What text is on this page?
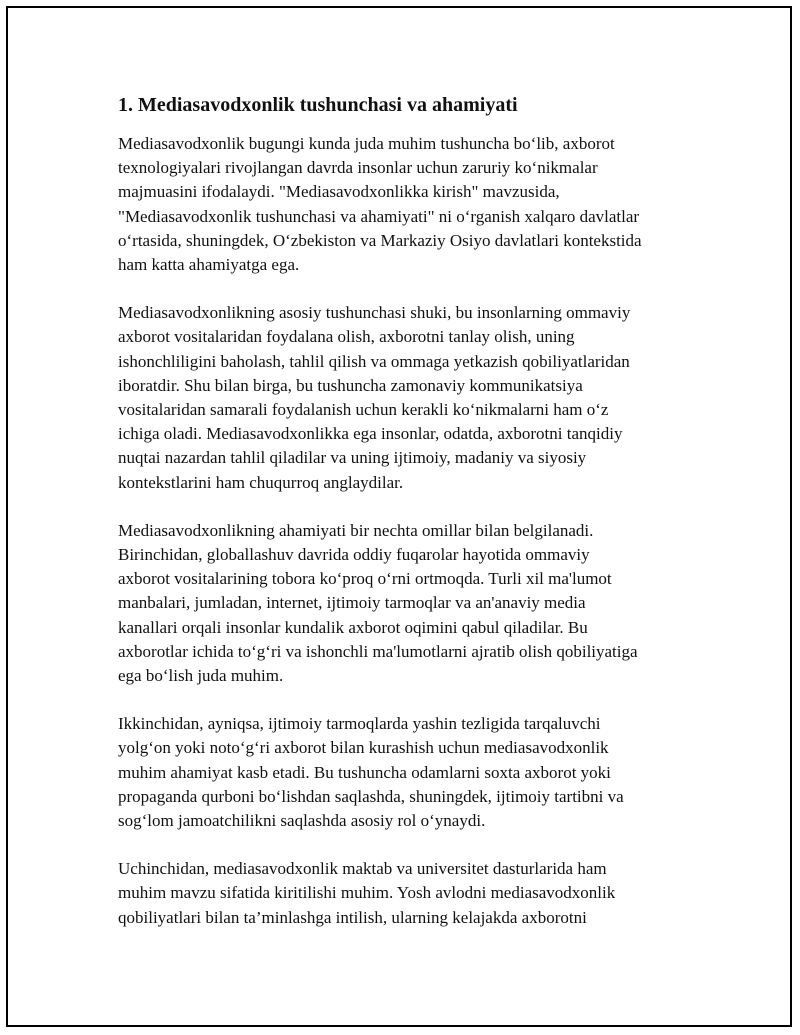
1. Mediasavodxonlik tushunchasi va ahamiyati

Mediasavodxonlik bugungi kunda juda muhim tushuncha bo‘lib, axborot
texnologiyalari rivojlangan davrda insonlar uchun zaruriy ko‘nikmalar
majmuasini ifodalaydi. "Mediasavodxonlikka kirish" mavzusida,
"Mediasavodxonlik tushunchasi va ahamiyati" ni o‘rganish xalqaro davlatlar
o‘rtasida, shuningdek, O‘zbekiston va Markaziy Osiyo davlatlari kontekstida
ham katta ahamiyatga ega.

Mediasavodxonlikning asosiy tushunchasi shuki, bu insonlarning ommaviy
axborot vositalaridan foydalana olish, axborotni tanlay olish, uning
ishonchliligini baholash, tahlil qilish va ommaga yetkazish qobiliyatlaridan
iboratdir. Shu bilan birga, bu tushuncha zamonaviy kommunikatsiya
vositalaridan samarali foydalanish uchun kerakli ko‘nikmalarni ham o‘z
ichiga oladi. Mediasavodxonlikka ega insonlar, odatda, axborotni tanqidiy
nuqtai nazardan tahlil qiladilar va uning ijtimoiy, madaniy va siyosiy
kontekstlarini ham chuqurroq anglaydilar.

Mediasavodxonlikning ahamiyati bir nechta omillar bilan belgilanadi.
Birinchidan, globallashuv davrida oddiy fuqarolar hayotida ommaviy
axborot vositalarining tobora ko‘proq o‘rni ortmoqda. Turli xil ma'lumot
manbalari, jumladan, internet, ijtimoiy tarmoqlar va an'anaviy media
kanallari orqali insonlar kundalik axborot oqimini qabul qiladilar. Bu
axborotlar ichida to‘g‘ri va ishonchli ma'lumotlarni ajratib olish qobiliyatiga
ega bo‘lish juda muhim.

Ikkinchidan, ayniqsa, ijtimoiy tarmoqlarda yashin tezligida tarqaluvchi
yolg‘on yoki noto‘g‘ri axborot bilan kurashish uchun mediasavodxonlik
muhim ahamiyat kasb etadi. Bu tushuncha odamlarni soxta axborot yoki
propaganda qurboni bo‘lishdan saqlashda, shuningdek, ijtimoiy tartibni va
sog‘lom jamoatchilikni saqlashda asosiy rol o‘ynaydi.

Uchinchidan, mediasavodxonlik maktab va universitet dasturlarida ham
muhim mavzu sifatida kiritilishi muhim. Yosh avlodni mediasavodxonlik
qobiliyatlari bilan ta’minlashga intilish, ularning kelajakda axborotni
